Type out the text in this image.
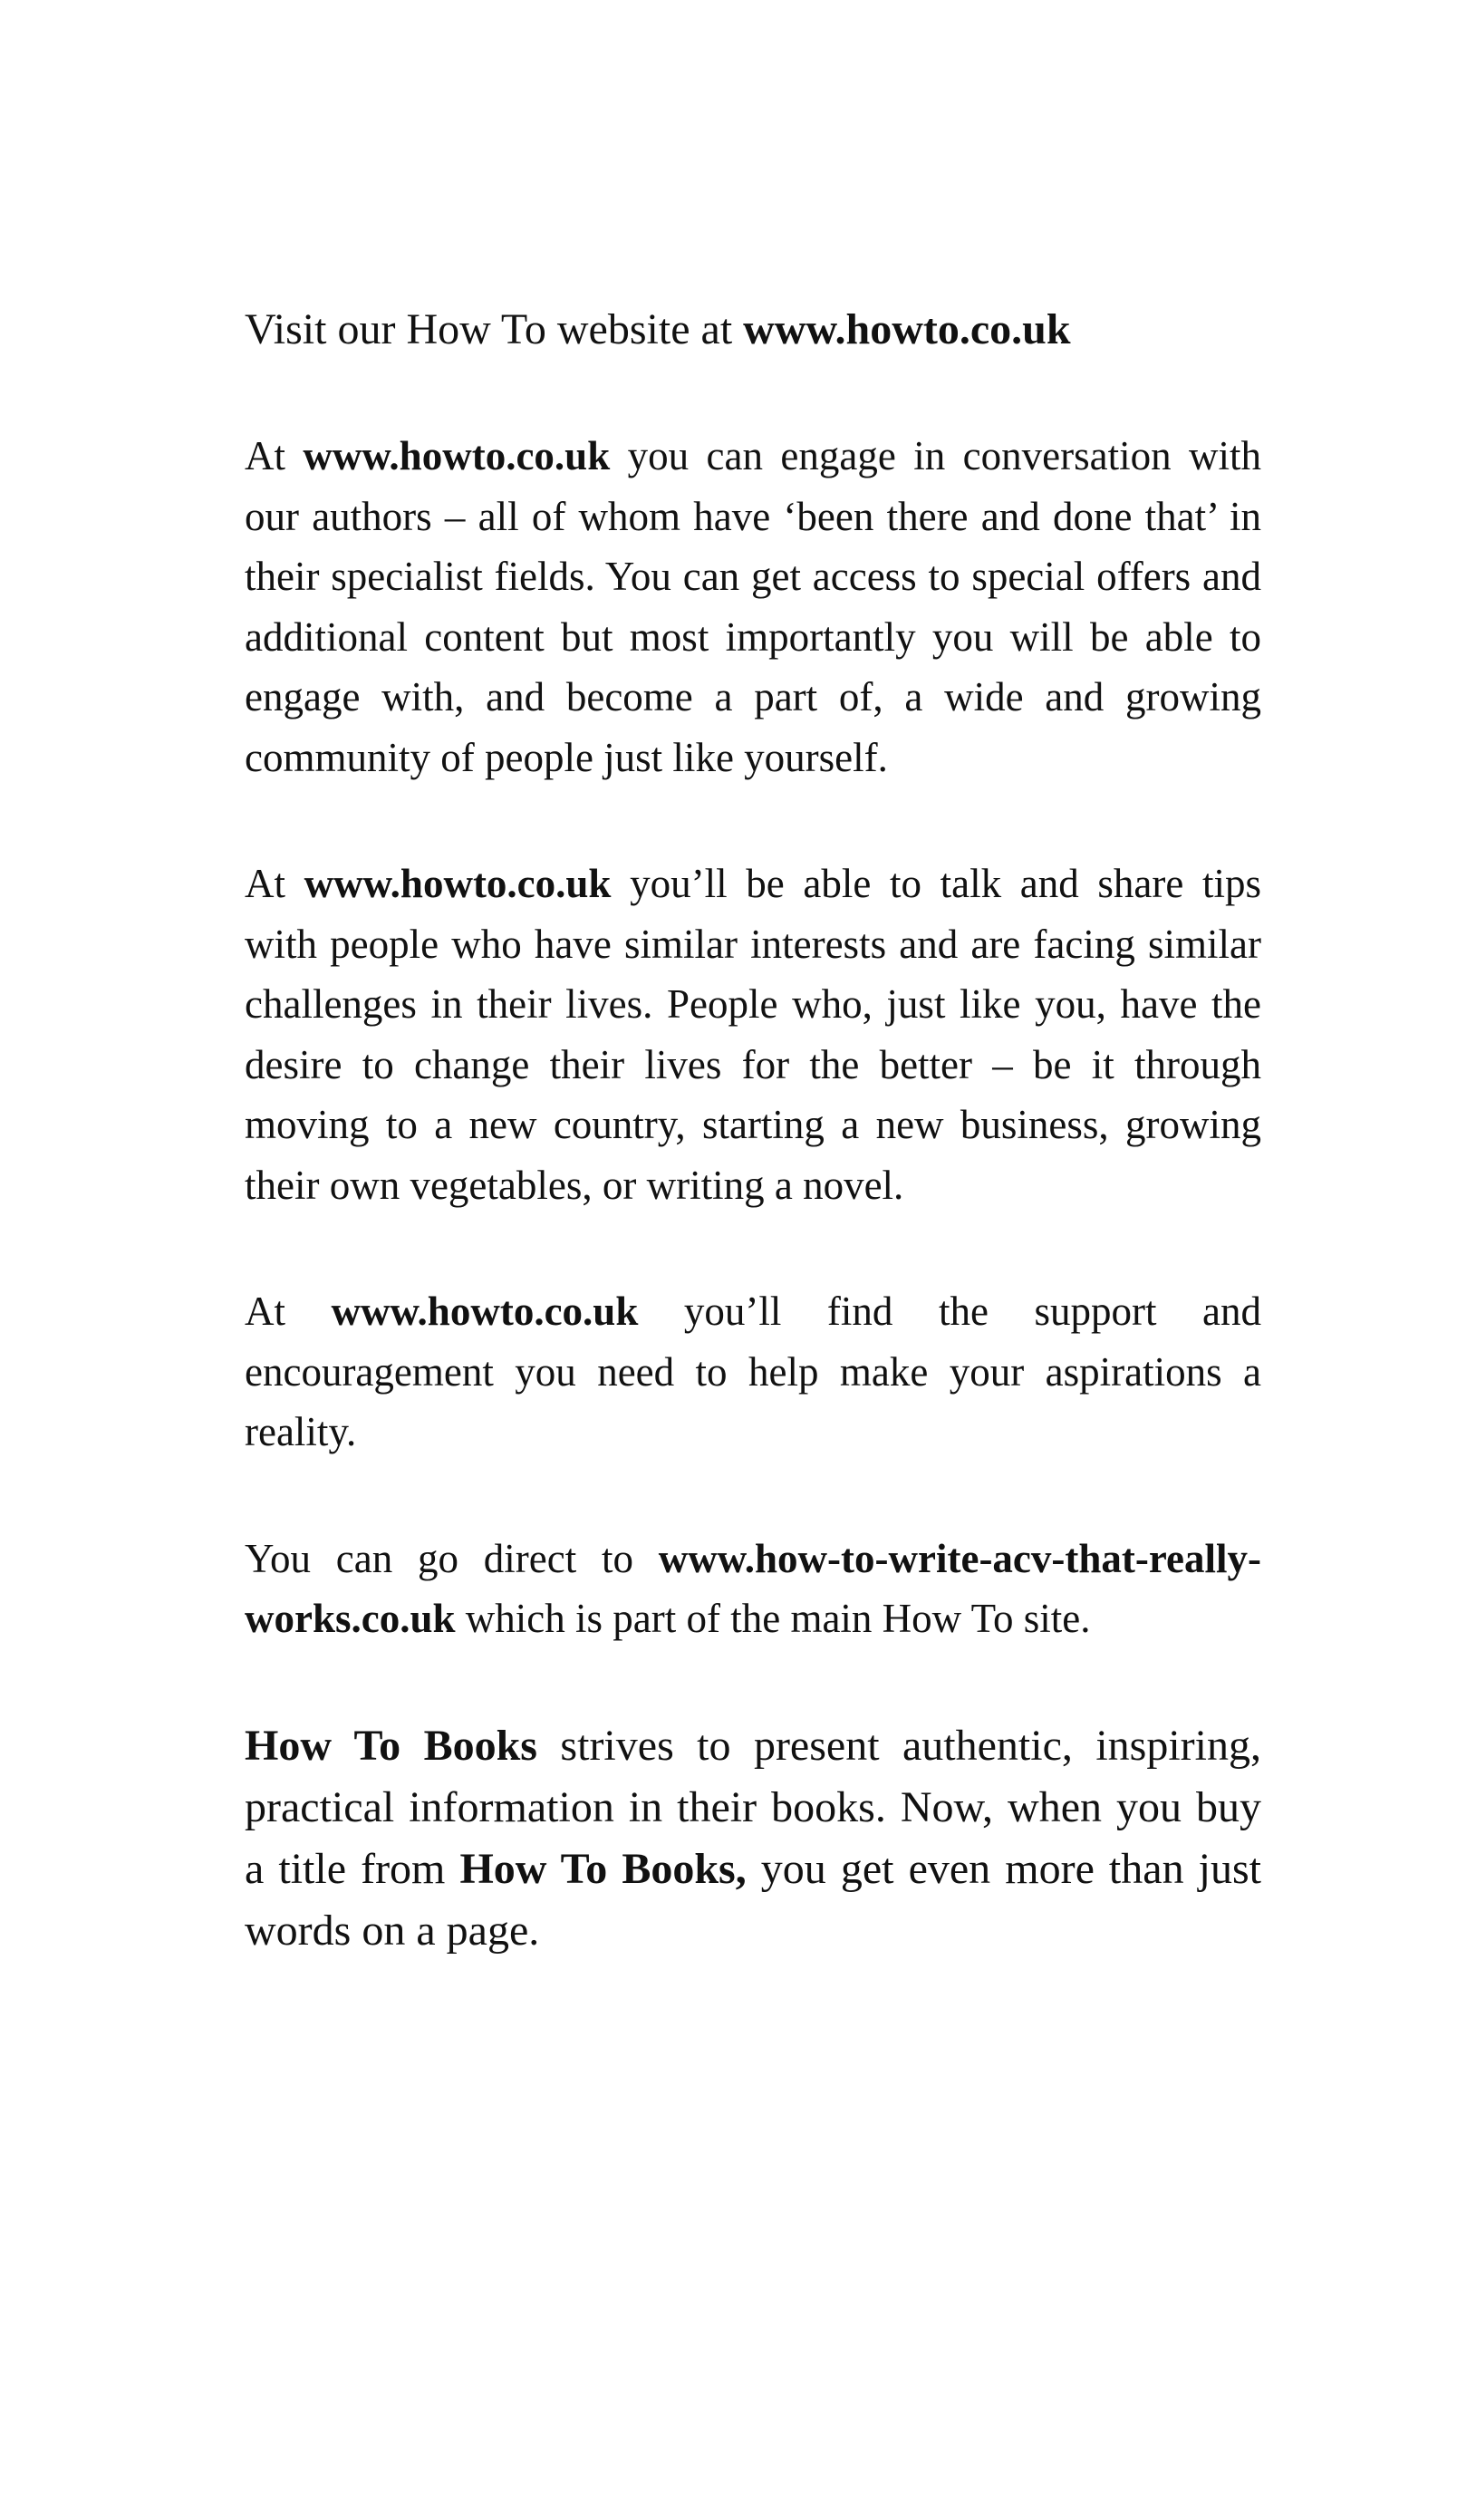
Visit our How To website at www.howto.co.uk

At www.howto.co.uk you can engage in conversation with our authors – all of whom have ‘been there and done that’ in their specialist fields. You can get access to special offers and additional content but most importantly you will be able to engage with, and become a part of, a wide and growing community of people just like yourself.

At www.howto.co.uk you’ll be able to talk and share tips with people who have similar interests and are facing similar challenges in their lives. People who, just like you, have the desire to change their lives for the better – be it through moving to a new country, starting a new business, growing their own vegetables, or writing a novel.

At www.howto.co.uk you’ll find the support and encouragement you need to help make your aspirations a reality.

You can go direct to www.how-to-write-acv-that-really-works.co.uk which is part of the main How To site.

How To Books strives to present authentic, inspiring, practical information in their books. Now, when you buy a title from How To Books, you get even more than just words on a page.
